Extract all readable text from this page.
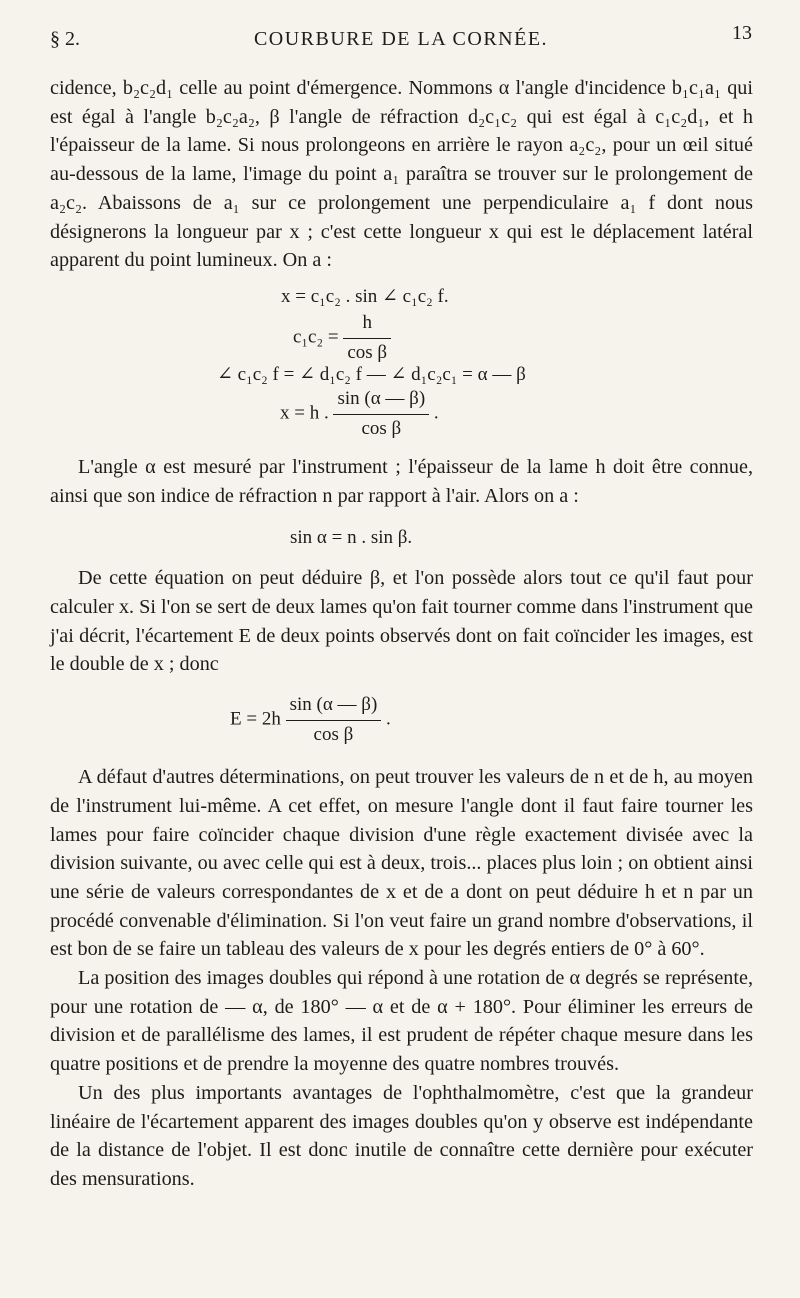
§ 2.	COURBURE DE LA CORNÉE.	13

cidence, b₂c₂d₁ celle au point d'émergence. Nommons α l'angle d'incidence b₁c₁a₁ qui est égal à l'angle b₂c₂a₂, β l'angle de réfraction d₂c₁c₂ qui est égal à c₁c₂d₁, et h l'épaisseur de la lame. Si nous prolongeons en arrière le rayon a₂c₂, pour un œil situé au-dessous de la lame, l'image du point a₁ paraîtra se trouver sur le prolongement de a₂c₂. Abaissons de a₁ sur ce prolongement une perpendiculaire a₁ f dont nous désignerons la longueur par x ; c'est cette longueur x qui est le déplacement latéral apparent du point lumineux. On a :

x = c₁c₂ . sin ∠ c₁c₂ f.
$c_1c_2 = \frac{h}{\text{cos β}}$
∠ c₁c₂ f = ∠ d₁c₂ f — ∠ d₁c₂c₁ = α — β
x = h . $\frac{\sin (\alpha — \beta)}{\text{cos β}}$ .

L'angle α est mesuré par l'instrument ; l'épaisseur de la lame h doit être connue, ainsi que son indice de réfraction n par rapport à l'air. Alors on a :

sin α = n . sin β.

De cette équation on peut déduire β, et l'on possède alors tout ce qu'il faut pour calculer x. Si l'on se sert de deux lames qu'on fait tourner comme dans l'instrument que j'ai décrit, l'écartement E de deux points observés dont on fait coïncider les images, est le double de x ; donc

$E = 2h \frac{\sin (\alpha — \beta)}{\text{cos β}}$ .

A défaut d'autres déterminations, on peut trouver les valeurs de n et de h, au moyen de l'instrument lui-même. A cet effet, on mesure l'angle dont il faut faire tourner les lames pour faire coïncider chaque division d'une règle exactement divisée avec la division suivante, ou avec celle qui est à deux, trois... places plus loin ; on obtient ainsi une série de valeurs correspondantes de x et de a dont on peut déduire h et n par un procédé convenable d'élimination. Si l'on veut faire un grand nombre d'observations, il est bon de se faire un tableau des valeurs de x pour les degrés entiers de 0° à 60°.

La position des images doubles qui répond à une rotation de α degrés se représente, pour une rotation de — α, de 180° — α et de α + 180°. Pour éliminer les erreurs de division et de parallélisme des lames, il est prudent de répéter chaque mesure dans les quatre positions et de prendre la moyenne des quatre nombres trouvés.

Un des plus importants avantages de l'ophthalmomètre, c'est que la grandeur linéaire de l'écartement apparent des images doubles qu'on y observe est indépendante de la distance de l'objet. Il est donc inutile de connaître cette dernière pour exécuter des mensurations.
